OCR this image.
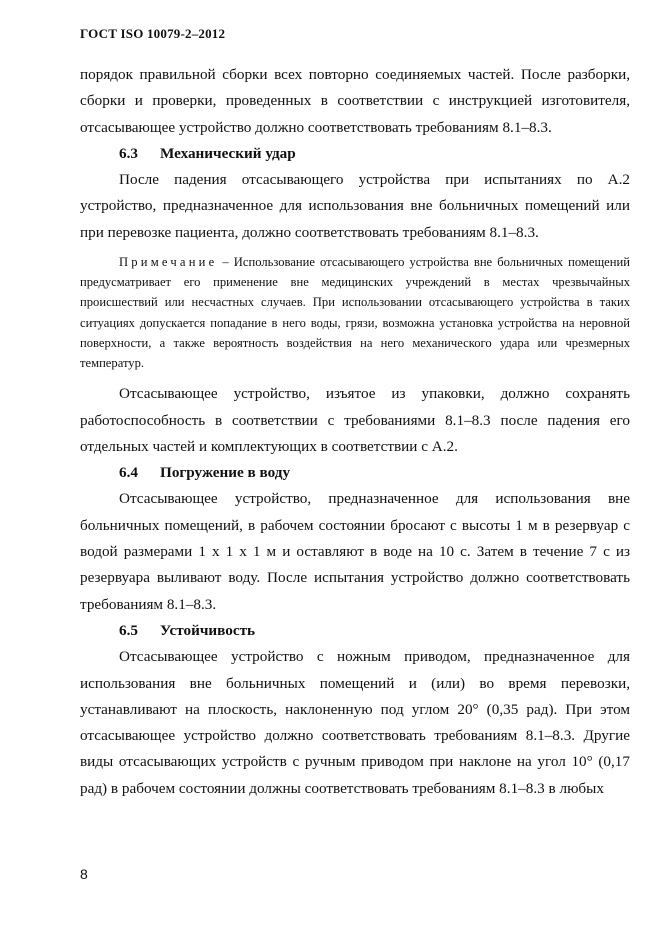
ГОСТ ISO 10079-2–2012

порядок правильной сборки всех повторно соединяемых частей. После разборки, сборки и проверки, проведенных в соответствии с инструкцией изготовителя, отсасывающее устройство должно соответствовать требованиям 8.1–8.3.

6.3 Механический удар

После падения отсасывающего устройства при испытаниях по А.2 устройство, предназначенное для использования вне больничных помещений или при перевозке пациента, должно соответствовать требованиям 8.1–8.3.

Примечание – Использование отсасывающего устройства вне больничных помещений предусматривает его применение вне медицинских учреждений в местах чрезвычайных происшествий или несчастных случаев. При использовании отсасывающего устройства в таких ситуациях допускается попадание в него воды, грязи, возможна установка устройства на неровной поверхности, а также вероятность воздействия на него механического удара или чрезмерных температур.

Отсасывающее устройство, изъятое из упаковки, должно сохранять работоспособность в соответствии с требованиями 8.1–8.3 после падения его отдельных частей и комплектующих в соответствии с А.2.

6.4 Погружение в воду

Отсасывающее устройство, предназначенное для использования вне больничных помещений, в рабочем состоянии бросают с высоты 1 м в резервуар с водой размерами 1 х 1 х 1 м и оставляют в воде на 10 с. Затем в течение 7 с из резервуара выливают воду. После испытания устройство должно соответствовать требованиям 8.1–8.3.

6.5 Устойчивость

Отсасывающее устройство с ножным приводом, предназначенное для использования вне больничных помещений и (или) во время перевозки, устанавливают на плоскость, наклоненную под углом 20° (0,35 рад). При этом отсасывающее устройство должно соответствовать требованиям 8.1–8.3. Другие виды отсасывающих устройств с ручным приводом при наклоне на угол 10° (0,17 рад) в рабочем состоянии должны соответствовать требованиям 8.1–8.3 в любых

8
